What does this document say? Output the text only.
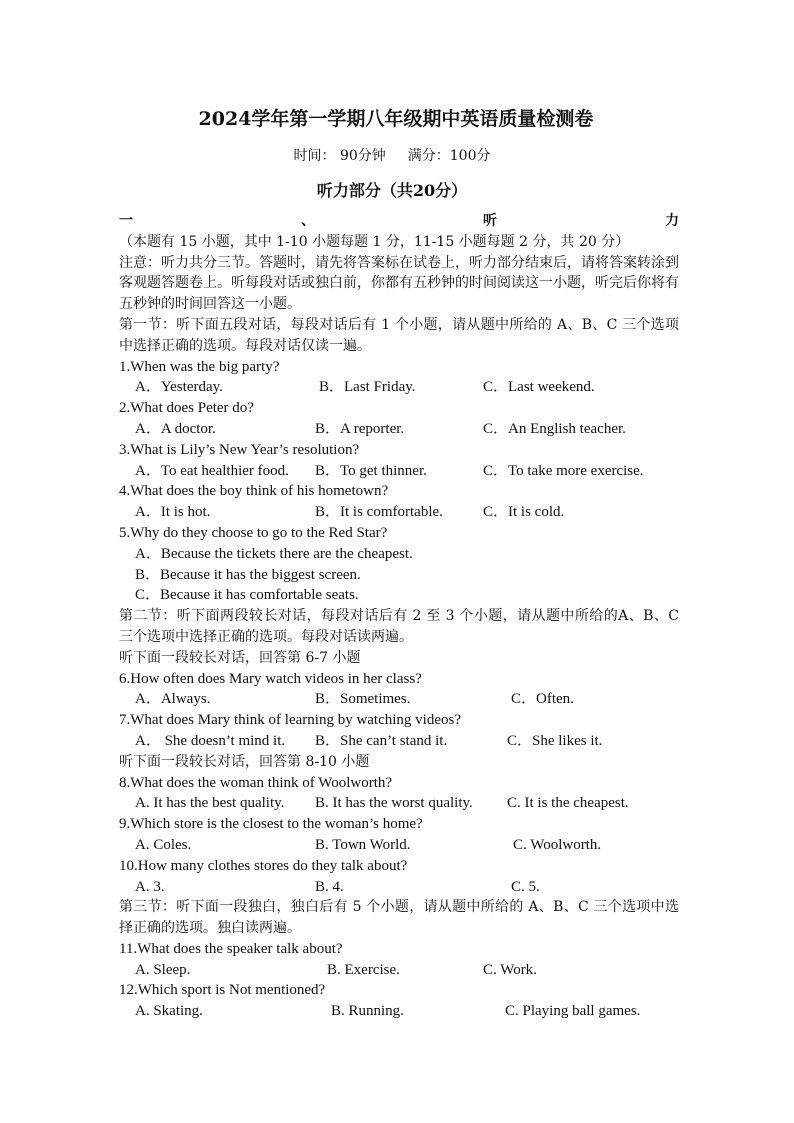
2024学年第一学期八年级期中英语质量检测卷
时间： 90分钟 满分：100分
听力部分（共20分）
一、听力（本题有 15 小题，其中 1-10 小题每题 1 分，11-15 小题每题 2 分，共 20 分）
注意：听力共分三节。答题时，请先将答案标在试卷上，听力部分结束后，请将答案转涂到客观题答题卷上。听每段对话或独白前，你都有五秒钟的时间阅读这一小题，听完后你将有五秒钟的时间回答这一小题。
第一节：听下面五段对话，每段对话后有 1 个小题，请从题中所给的 A、B、C 三个选项中选择正确的选项。每段对话仅读一遍。
1.When was the big party?
A．Yesterday.	B．Last Friday.	C．Last weekend.
2.What does Peter do?
A．A doctor.	B．A reporter.	C．An English teacher.
3.What is Lily’s New Year’s resolution?
A．To eat healthier food. B．To get thinner.	C．To take more exercise.
4.What does the boy think of his hometown?
A．It is hot.	B．It is comfortable.	C．It is cold.
5.Why do they choose to go to the Red Star?
A．Because the tickets there are the cheapest.
B．Because it has the biggest screen.
C．Because it has comfortable seats.
第二节：听下面两段较长对话，每段对话后有 2 至 3 个小题，请从题中所给的A、B、C 三个选项中选择正确的选项。每段对话读两遍。
听下面一段较长对话，回答第 6-7 小题
6.How often does Mary watch videos in her class?
A．Always.	B．Sometimes.	C．Often.
7.What does Mary think of learning by watching videos?
A． She doesn’t mind it. B．She can’t stand it.	C．She likes it.
听下面一段较长对话，回答第 8-10 小题
8.What does the woman think of Woolworth?
A. It has the best quality. B. It has the worst quality. C. It is the cheapest.
9.Which store is the closest to the woman’s home?
A. Coles.	B. Town World.	C. Woolworth.
10.How many clothes stores do they talk about?
A. 3.	B. 4.	C. 5.
第三节：听下面一段独白，独白后有 5 个小题，请从题中所给的 A、B、C 三个选项中选择正确的选项。独白读两遍。
11.What does the speaker talk about?
A. Sleep.	B. Exercise.	C. Work.
12.Which sport is Not mentioned?
A. Skating.	B. Running.	C. Playing ball games.
